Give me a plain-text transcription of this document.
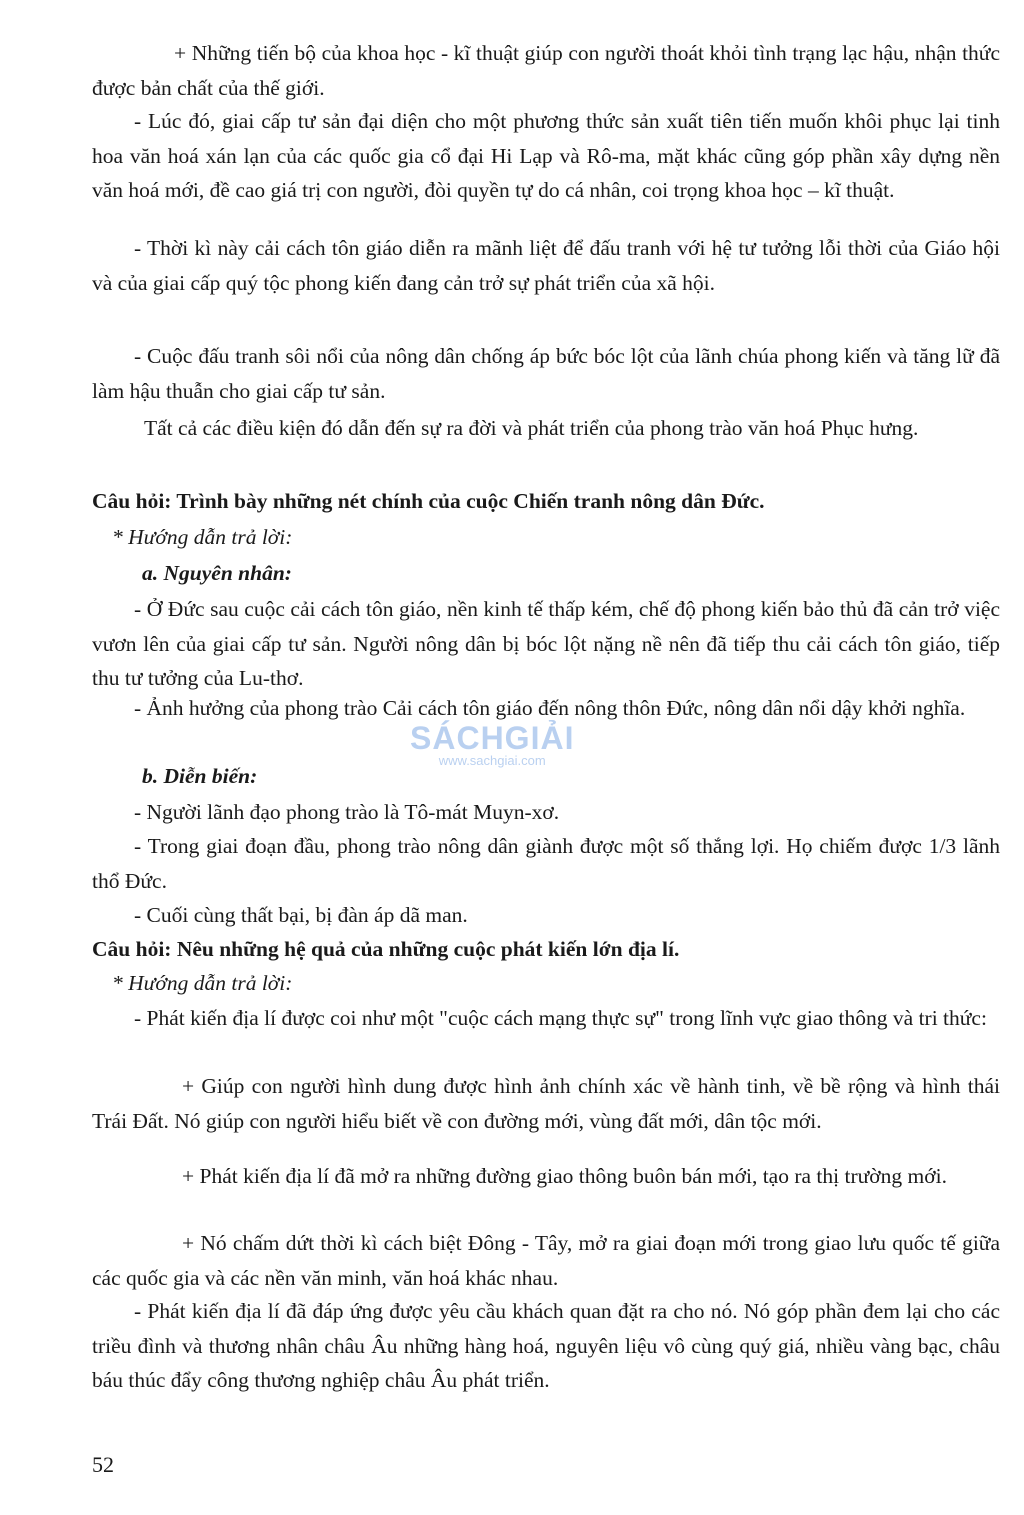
+ Những tiến bộ của khoa học - kĩ thuật giúp con người thoát khỏi tình trạng lạc hậu, nhận thức được bản chất của thế giới.

- Lúc đó, giai cấp tư sản đại diện cho một phương thức sản xuất tiên tiến muốn khôi phục lại tinh hoa văn hoá xán lạn của các quốc gia cổ đại Hi Lạp và Rô-ma, mặt khác cũng góp phần xây dựng nền văn hoá mới, đề cao giá trị con người, đòi quyền tự do cá nhân, coi trọng khoa học – kĩ thuật.

- Thời kì này cải cách tôn giáo diễn ra mãnh liệt để đấu tranh với hệ tư tưởng lỗi thời của Giáo hội và của giai cấp quý tộc phong kiến đang cản trở sự phát triển của xã hội.

- Cuộc đấu tranh sôi nổi của nông dân chống áp bức bóc lột của lãnh chúa phong kiến và tăng lữ đã làm hậu thuẫn cho giai cấp tư sản.

Tất cả các điều kiện đó dẫn đến sự ra đời và phát triển của phong trào văn hoá Phục hưng.

Câu hỏi: Trình bày những nét chính của cuộc Chiến tranh nông dân Đức.

* Hướng dẫn trả lời:

a. Nguyên nhân:

- Ở Đức sau cuộc cải cách tôn giáo, nền kinh tế thấp kém, chế độ phong kiến bảo thủ đã cản trở việc vươn lên của giai cấp tư sản. Người nông dân bị bóc lột nặng nề nên đã tiếp thu cải cách tôn giáo, tiếp thu tư tưởng của Lu-thơ.

- Ảnh hưởng của phong trào Cải cách tôn giáo đến nông thôn Đức, nông dân nổi dậy khởi nghĩa.

b. Diễn biến:

- Người lãnh đạo phong trào là Tô-mát Muyn-xơ.

- Trong giai đoạn đầu, phong trào nông dân giành được một số thắng lợi. Họ chiếm được 1/3 lãnh thổ Đức.

- Cuối cùng thất bại, bị đàn áp dã man.

Câu hỏi: Nêu những hệ quả của những cuộc phát kiến lớn địa lí.

* Hướng dẫn trả lời:

- Phát kiến địa lí được coi như một "cuộc cách mạng thực sự" trong lĩnh vực giao thông và tri thức:

+ Giúp con người hình dung được hình ảnh chính xác về hành tinh, về bề rộng và hình thái Trái Đất. Nó giúp con người hiểu biết về con đường mới, vùng đất mới, dân tộc mới.

+ Phát kiến địa lí đã mở ra những đường giao thông buôn bán mới, tạo ra thị trường mới.

+ Nó chấm dứt thời kì cách biệt Đông - Tây, mở ra giai đoạn mới trong giao lưu quốc tế giữa các quốc gia và các nền văn minh, văn hoá khác nhau.

- Phát kiến địa lí đã đáp ứng được yêu cầu khách quan đặt ra cho nó. Nó góp phần đem lại cho các triều đình và thương nhân châu Âu những hàng hoá, nguyên liệu vô cùng quý giá, nhiều vàng bạc, châu báu thúc đẩy công thương nghiệp châu Âu phát triển.

SÁCHGIẢI
www.sachgiai.com
52
